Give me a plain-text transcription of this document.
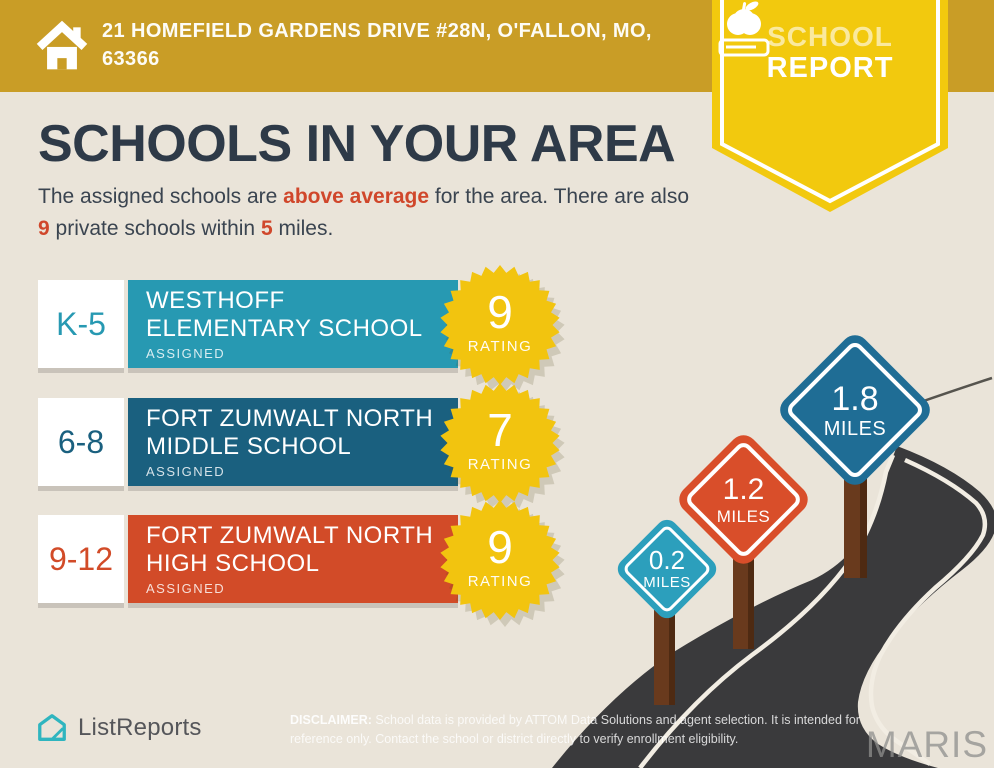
0.2
MILES
1.2
MILES
1.8
MILES
21 HOMEFIELD GARDENS DRIVE #28N, O'FALLON, MO, 63366
SCHOOL
REPORT
SCHOOLS IN YOUR AREA
The assigned schools are above average for the area. There are also 9 private schools within 5 miles.
K-5
WESTHOFF
ELEMENTARY SCHOOL
ASSIGNED
9
RATING
6-8
FORT ZUMWALT NORTH
MIDDLE SCHOOL
ASSIGNED
7
RATING
9-12
FORT ZUMWALT NORTH
HIGH SCHOOL
ASSIGNED
9
RATING
ListReports	DISCLAIMER: School data is provided by ATTOM Data Solutions and agent selection. It is intended for reference only. Contact the school or district directly to verify enrollment eligibility.	MARIS
